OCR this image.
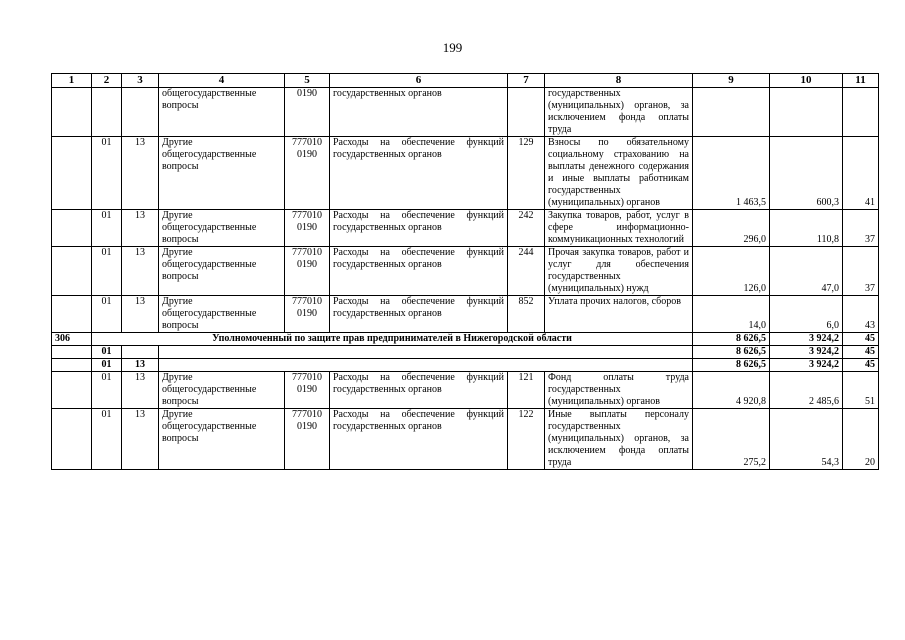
199
1	2	3	4	5	6	7	8	9	10	11
			общегосударственные вопросы	0190	государственных органов		государственных (муниципальных) органов, за исключением фонда оплаты труда			
	01	13	Другие общегосударственные вопросы	777010 0190	Расходы на обеспечение функций государственных органов	129	Взносы по обязательному социальному страхованию на выплаты денежного содержания и иные выплаты работникам государственных (муниципальных) органов	1 463,5	600,3	41
	01	13	Другие общегосударственные вопросы	777010 0190	Расходы на обеспечение функций государственных органов	242	Закупка товаров, работ, услуг в сфере информационно-коммуникационных технологий	296,0	110,8	37
	01	13	Другие общегосударственные вопросы	777010 0190	Расходы на обеспечение функций государственных органов	244	Прочая закупка товаров, работ и услуг для обеспечения государственных (муниципальных) нужд	126,0	47,0	37
	01	13	Другие общегосударственные вопросы	777010 0190	Расходы на обеспечение функций государственных органов	852	Уплата прочих налогов, сборов	14,0	6,0	43
306	Уполномоченный по защите прав предпринимателей в Нижегородской области							8 626,5	3 924,2	45
	01							8 626,5	3 924,2	45
	01	13						8 626,5	3 924,2	45
	01	13	Другие общегосударственные вопросы	777010 0190	Расходы на обеспечение функций государственных органов	121	Фонд оплаты труда государственных (муниципальных) органов	4 920,8	2 485,6	51
	01	13	Другие общегосударственные вопросы	777010 0190	Расходы на обеспечение функций государственных органов	122	Иные выплаты персоналу государственных (муниципальных) органов, за исключением фонда оплаты труда	275,2	54,3	20
